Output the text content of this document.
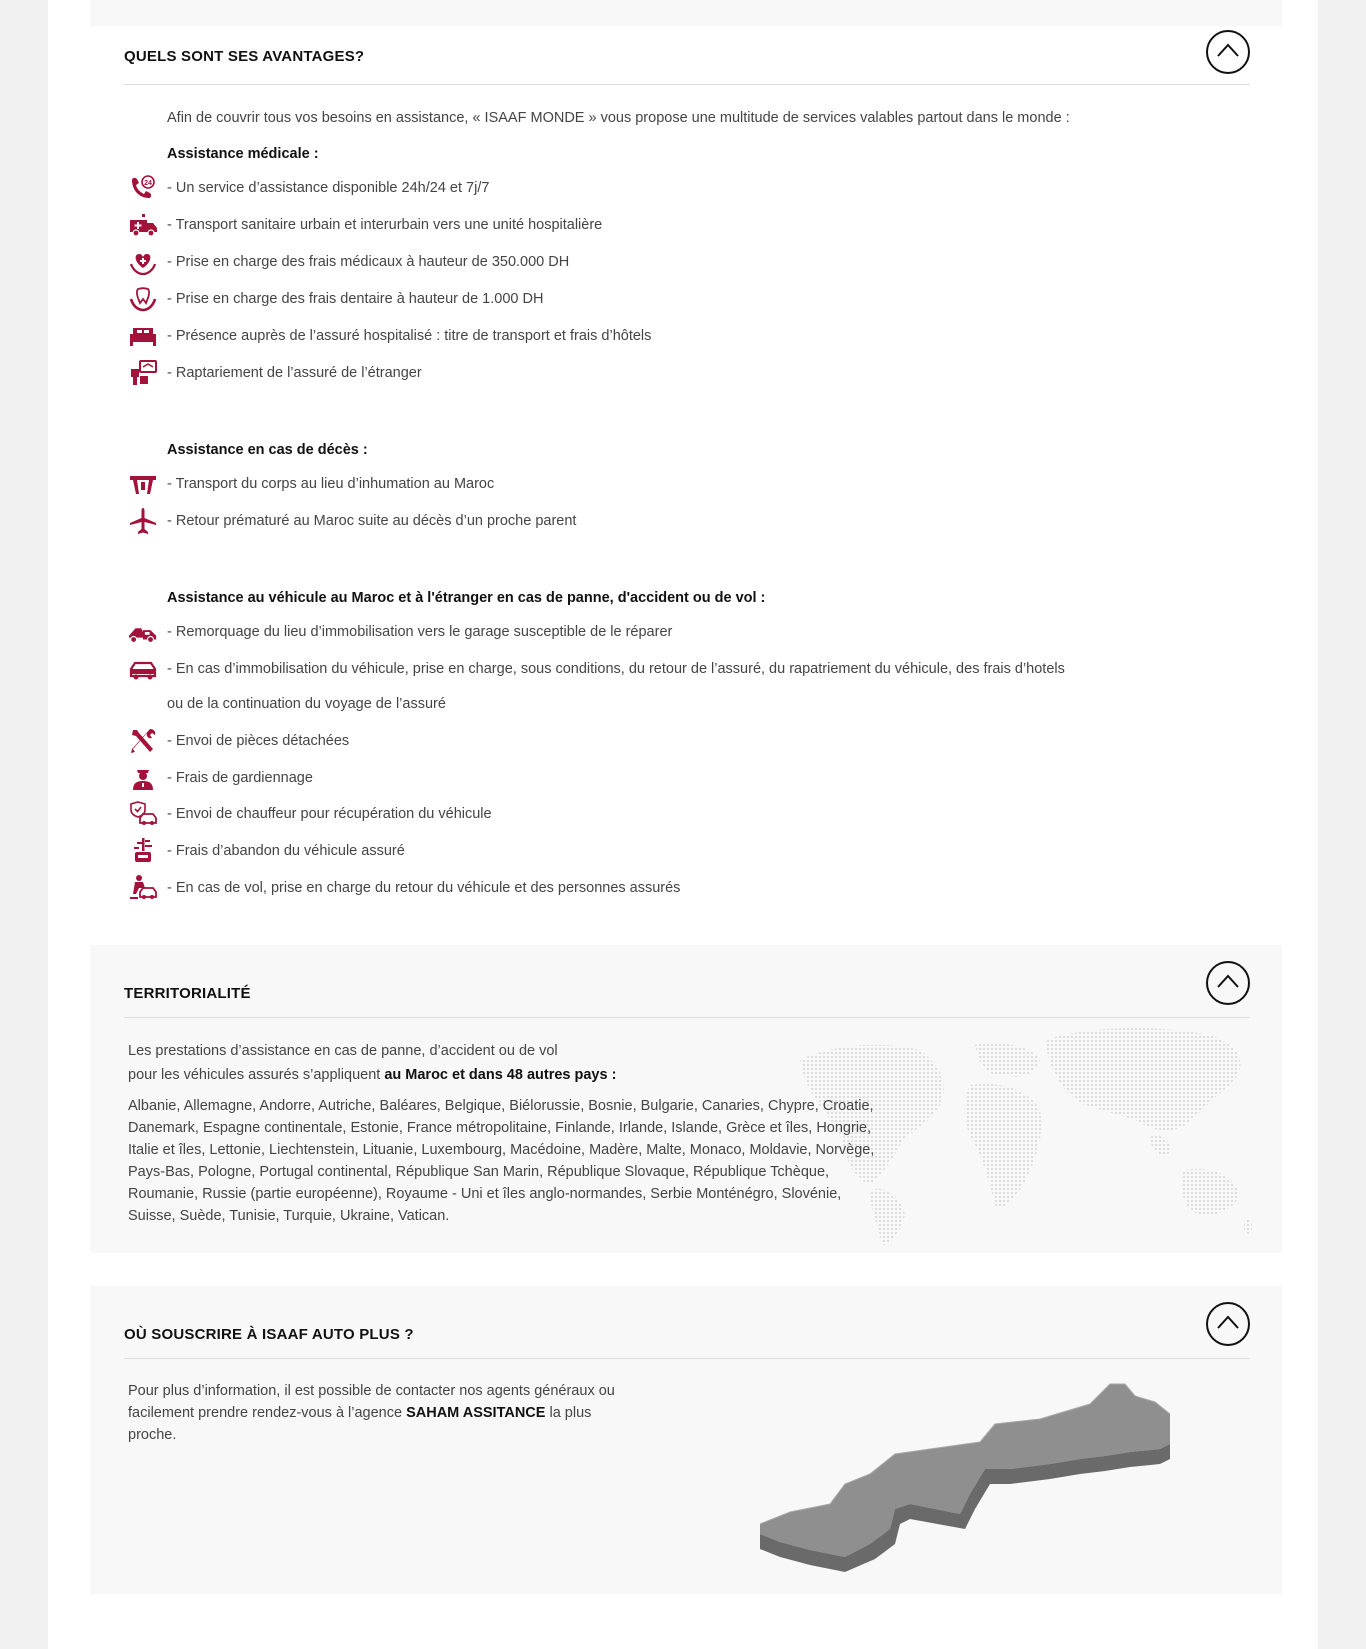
QUELS SONT SES AVANTAGES?
Afin de couvrir tous vos besoins en assistance, « ISAAF MONDE » vous propose une multitude de services valables partout dans le monde :
Assistance médicale :
24 - Un service d’assistance disponible 24h/24 et 7j/7
- Transport sanitaire urbain et interurbain vers une unité hospitalière
- Prise en charge des frais médicaux à hauteur de 350.000 DH
- Prise en charge des frais dentaire à hauteur de 1.000 DH
- Présence auprès de l’assuré hospitalisé : titre de transport et frais d’hôtels
- Raptariement de l’assuré de l’étranger
Assistance en cas de décès :
- Transport du corps au lieu d’inhumation au Maroc
- Retour prématuré au Maroc suite au décès d’un proche parent
Assistance au véhicule au Maroc et à l'étranger en cas de panne, d'accident ou de vol :
- Remorquage du lieu d’immobilisation vers le garage susceptible de le réparer
- En cas d’immobilisation du véhicule, prise en charge, sous conditions, du retour de l’assuré, du rapatriement du véhicule, des frais d’hotels
ou de la continuation du voyage de l’assuré
- Envoi de pièces détachées
- Frais de gardiennage
- Envoi de chauffeur pour récupération du véhicule
- Frais d’abandon du véhicule assuré
- En cas de vol, prise en charge du retour du véhicule et des personnes assurés
TERRITORIALITÉ
Les prestations d’assistance en cas de panne, d’accident ou de vol
pour les véhicules assurés s’appliquent au Maroc et dans 48 autres pays :
Albanie, Allemagne, Andorre, Autriche, Baléares, Belgique, Biélorussie, Bosnie, Bulgarie, Canaries, Chypre, Croatie, Danemark, Espagne continentale, Estonie, France métropolitaine, Finlande, Irlande, Islande, Grèce et îles, Hongrie, Italie et îles, Lettonie, Liechtenstein, Lituanie, Luxembourg, Macédoine, Madère, Malte, Monaco, Moldavie, Norvège, Pays-Bas, Pologne, Portugal continental, République San Marin, République Slovaque, République Tchèque, Roumanie, Russie (partie européenne), Royaume - Uni et îles anglo-normandes, Serbie Monténégro, Slovénie, Suisse, Suède, Tunisie, Turquie, Ukraine, Vatican.
OÙ SOUSCRIRE À ISAAF AUTO PLUS ?
Pour plus d’information, il est possible de contacter nos agents généraux ou facilement prendre rendez-vous à l’agence SAHAM ASSITANCE la plus proche.
